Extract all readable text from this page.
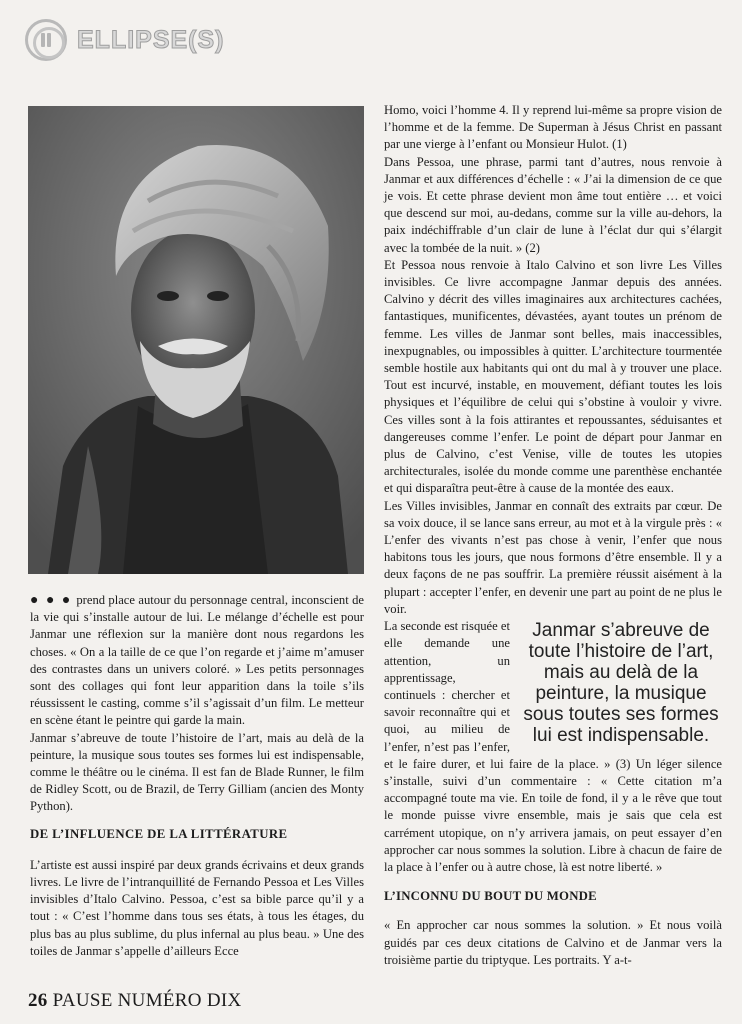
ELLIPSE(S)

● ● ● prend place autour du personnage central, inconscient de la vie qui s’installe autour de lui. Le mélange d’échelle est pour Janmar une réflexion sur la manière dont nous regardons les choses. « On a la taille de ce que l’on regarde et j’aime m’amuser des contrastes dans un univers coloré. » Les petits personnages sont des collages qui font leur apparition dans la toile s’ils réussissent le casting, comme s’il s’agissait d’un film. Le metteur en scène étant le peintre qui garde la main.

Janmar s’abreuve de toute l’histoire de l’art, mais au delà de la peinture, la musique sous toutes ses formes lui est indispensable, comme le théâtre ou le cinéma. Il est fan de Blade Runner, le film de Ridley Scott, ou de Brazil, de Terry Gilliam (ancien des Monty Python).

DE L’INFLUENCE DE LA LITTÉRATURE

L’artiste est aussi inspiré par deux grands écrivains et deux grands livres. Le livre de l’intranquillité de Fernando Pessoa et Les Villes invisibles d’Italo Calvino. Pessoa, c’est sa bible parce qu’il y a tout : « C’est l’homme dans tous ses états, à tous les étages, du plus bas au plus sublime, du plus infernal au plus beau. » Une des toiles de Janmar s’appelle d’ailleurs Ecce

Homo, voici l’homme 4. Il y reprend lui-même sa propre vision de l’homme et de la femme. De Superman à Jésus Christ en passant par une vierge à l’enfant ou Monsieur Hulot. (1)

Dans Pessoa, une phrase, parmi tant d’autres, nous renvoie à Janmar et aux différences d’échelle : « J’ai la dimension de ce que je vois. Et cette phrase devient mon âme tout entière … et voici que descend sur moi, au-dedans, comme sur la ville au-dehors, la paix indéchiffrable d’un clair de lune à l’éclat dur qui s’élargit avec la tombée de la nuit. » (2)

Et Pessoa nous renvoie à Italo Calvino et son livre Les Villes invisibles. Ce livre accompagne Janmar depuis des années. Calvino y décrit des villes imaginaires aux architectures cachées, fantastiques, munificentes, dévastées, ayant toutes un prénom de femme. Les villes de Janmar sont belles, mais inaccessibles, inexpugnables, ou impossibles à quitter. L’architecture tourmentée semble hostile aux habitants qui ont du mal à y trouver une place. Tout est incurvé, instable, en mouvement, défiant toutes les lois physiques et l’équilibre de celui qui s’obstine à vouloir y vivre. Ces villes sont à la fois attirantes et repoussantes, séduisantes et dangereuses comme l’enfer. Le point de départ pour Janmar en plus de Calvino, c’est Venise, ville de toutes les utopies architecturales, isolée du monde comme une parenthèse enchantée et qui disparaîtra peut-être à cause de la montée des eaux.

Les Villes invisibles, Janmar en connaît des extraits par cœur. De sa voix douce, il se lance sans erreur, au mot et à la virgule près : « L’enfer des vivants n’est pas chose à venir, l’enfer que nous habitons tous les jours, que nous formons d’être ensemble. Il y a deux façons de ne pas souffrir. La première réussit aisément à la plupart : accepter l’enfer, en devenir une part au point de ne plus le voir.

Janmar s’abreuve de toute l’histoire de l’art, mais au delà de la peinture, la musique sous toutes ses formes lui est indispensable.

La seconde est risquée et elle demande une attention, un apprentissage, continuels : chercher et savoir reconnaître qui et quoi, au milieu de l’enfer, n’est pas l’enfer, et le faire durer, et lui faire de la place. » (3) Un léger silence s’installe, suivi d’un commentaire : « Cette citation m’a accompagné toute ma vie. En toile de fond, il y a le rêve que tout le monde puisse vivre ensemble, mais je sais que cela est carrément utopique, on n’y arrivera jamais, on peut essayer d’en approcher car nous sommes la solution. Libre à chacun de faire de la place à l’enfer ou à autre chose, là est notre liberté. »

L’INCONNU DU BOUT DU MONDE

« En approcher car nous sommes la solution. » Et nous voilà guidés par ces deux citations de Calvino et de Janmar vers la troisième partie du triptyque. Les portraits. Y a-t-

26 PAUSE NUMÉRO DIX
